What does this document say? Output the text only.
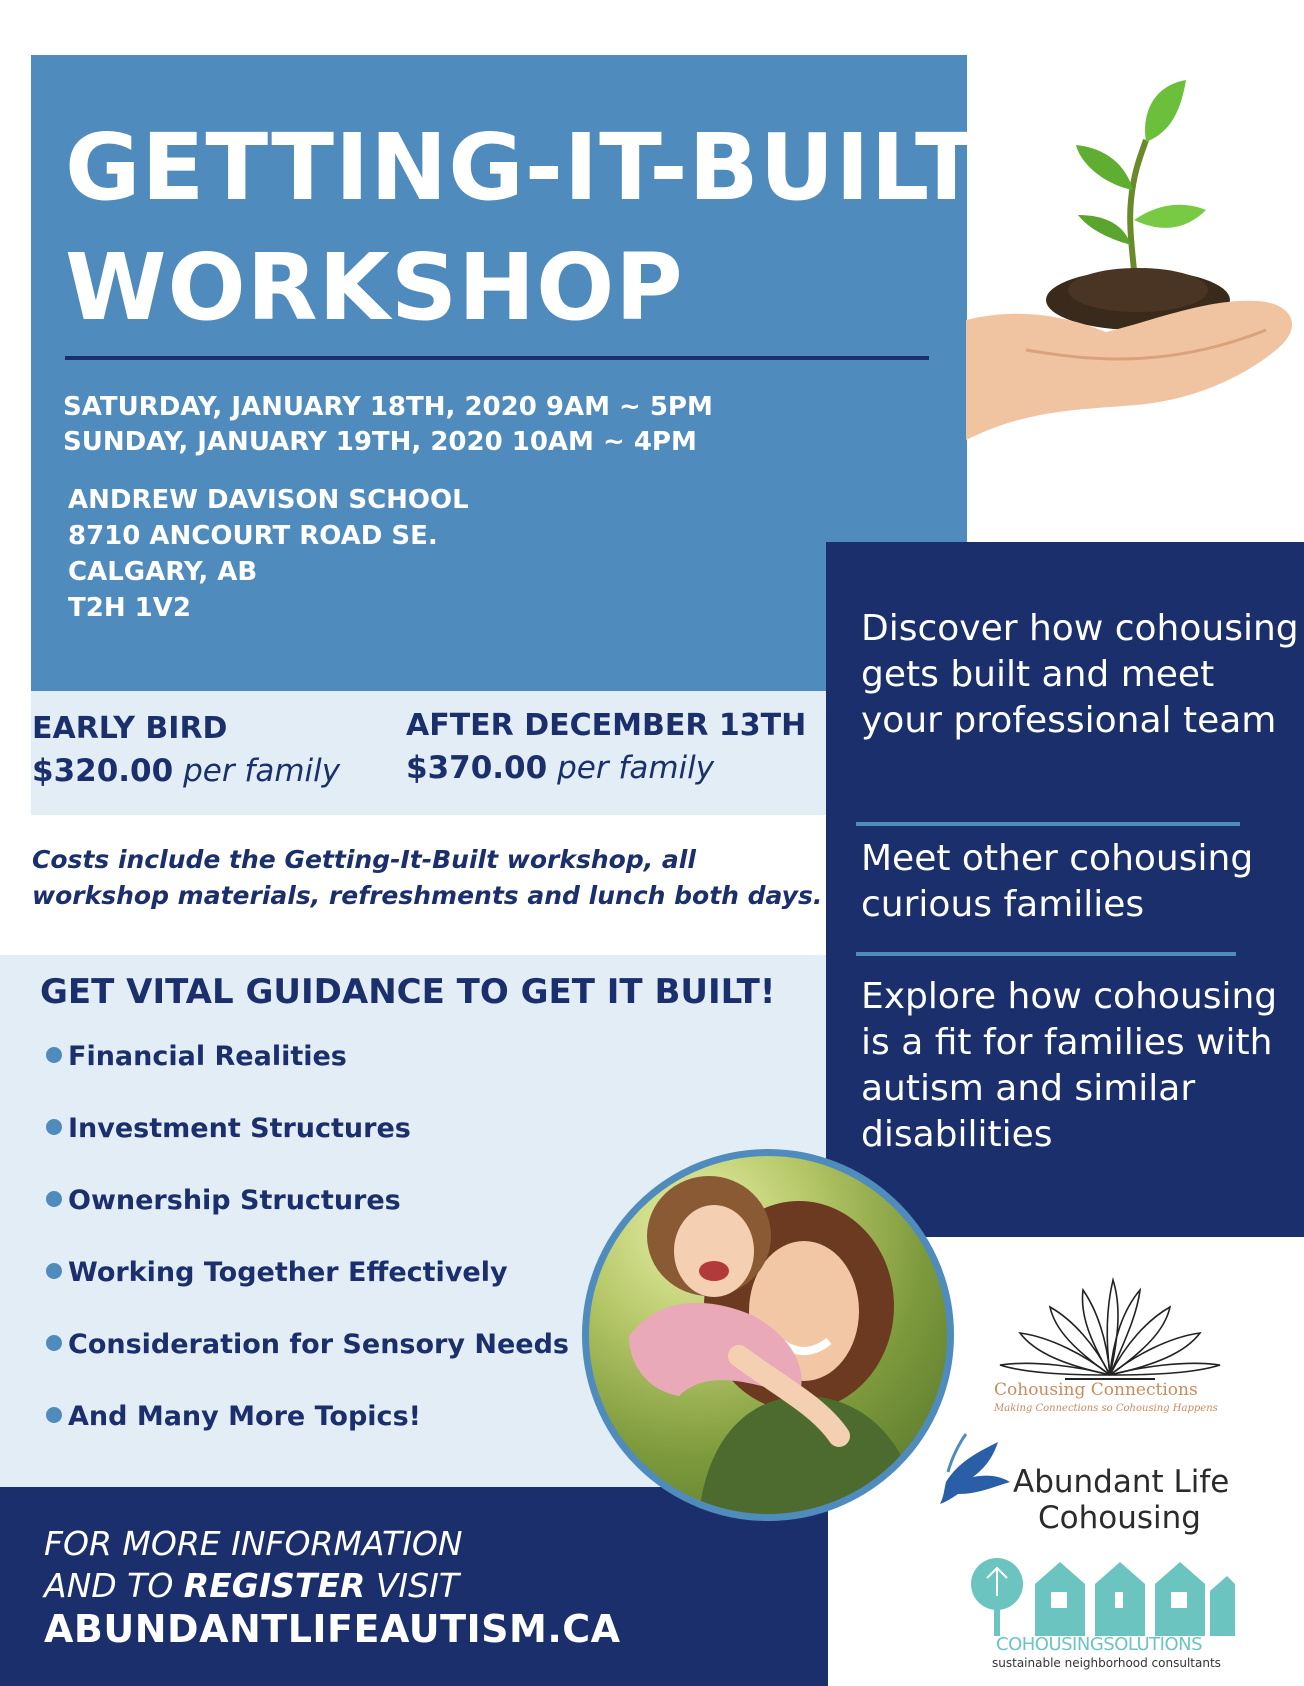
GETTING-IT-BUILT
WORKSHOP
SATURDAY, JANUARY 18TH, 2020 9AM ~ 5PM
SUNDAY, JANUARY 19TH, 2020 10AM ~ 4PM
ANDREW DAVISON SCHOOL
8710 ANCOURT ROAD SE.
CALGARY, AB
T2H 1V2
EARLY BIRD
$320.00 per family
AFTER DECEMBER 13TH
$370.00 per family
Costs include the Getting-It-Built workshop, all workshop materials, refreshments and lunch both days.
GET VITAL GUIDANCE TO GET IT BUILT!
Financial Realities
Investment Structures
Ownership Structures
Working Together Effectively
Consideration for Sensory Needs
And Many More Topics!
FOR MORE INFORMATION
AND TO REGISTER VISIT
ABUNDANTLIFEAUTISM.CA
Discover how cohousing gets built and meet your professional team
Meet other cohousing curious families
Explore how cohousing is a fit for families with autism and similar disabilities
Cohousing Connections
Making Connections so Cohousing Happens
Abundant Life
Cohousing
COHOUSINGSOLUTIONS
sustainable neighborhood consultants
